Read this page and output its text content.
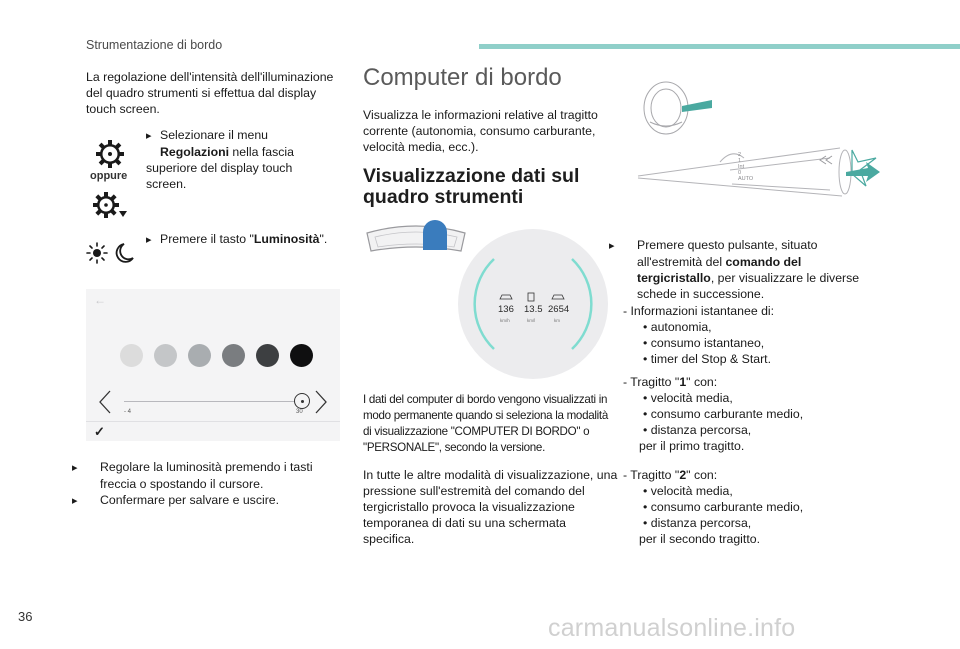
Strumentazione di bordo
La regolazione dell'intensità dell'illuminazione del quadro strumenti si effettua dal display touch screen.
oppure
▸ Selezionare il menu
Regolazioni nella fascia superiore del display touch screen.
▸ Premere il tasto "Luminosità".
←
- 4	30
✓
▸ Regolare la luminosità premendo i tasti freccia o spostando il cursore.
▸ Confermare per salvare e uscire.
Computer di bordo
Visualizza le informazioni relative al tragitto corrente (autonomia, consumo carburante, velocità media, ecc.).
Visualizzazione dati sul quadro strumenti
136 13.5 2654
km/h	km/l	km
I dati del computer di bordo vengono visualizzati in modo permanente quando si seleziona la modalità di visualizzazione "COMPUTER DI BORDO" o "PERSONALE", secondo la versione.
In tutte le altre modalità di visualizzazione, una pressione sull'estremità del comando del tergicristallo provoca la visualizzazione temporanea di dati su una schermata specifica.
AUTO
0
Int
1
2
▸ Premere questo pulsante, situato all'estremità del comando del tergicristallo, per visualizzare le diverse schede in successione.
- Informazioni istantanee di:
• autonomia,
• consumo istantaneo,
• timer del Stop & Start.
- Tragitto "1" con:
• velocità media,
• consumo carburante medio,
• distanza percorsa,
per il primo tragitto.
- Tragitto "2" con:
• velocità media,
• consumo carburante medio,
• distanza percorsa,
per il secondo tragitto.
36	carmanualsonline.info
